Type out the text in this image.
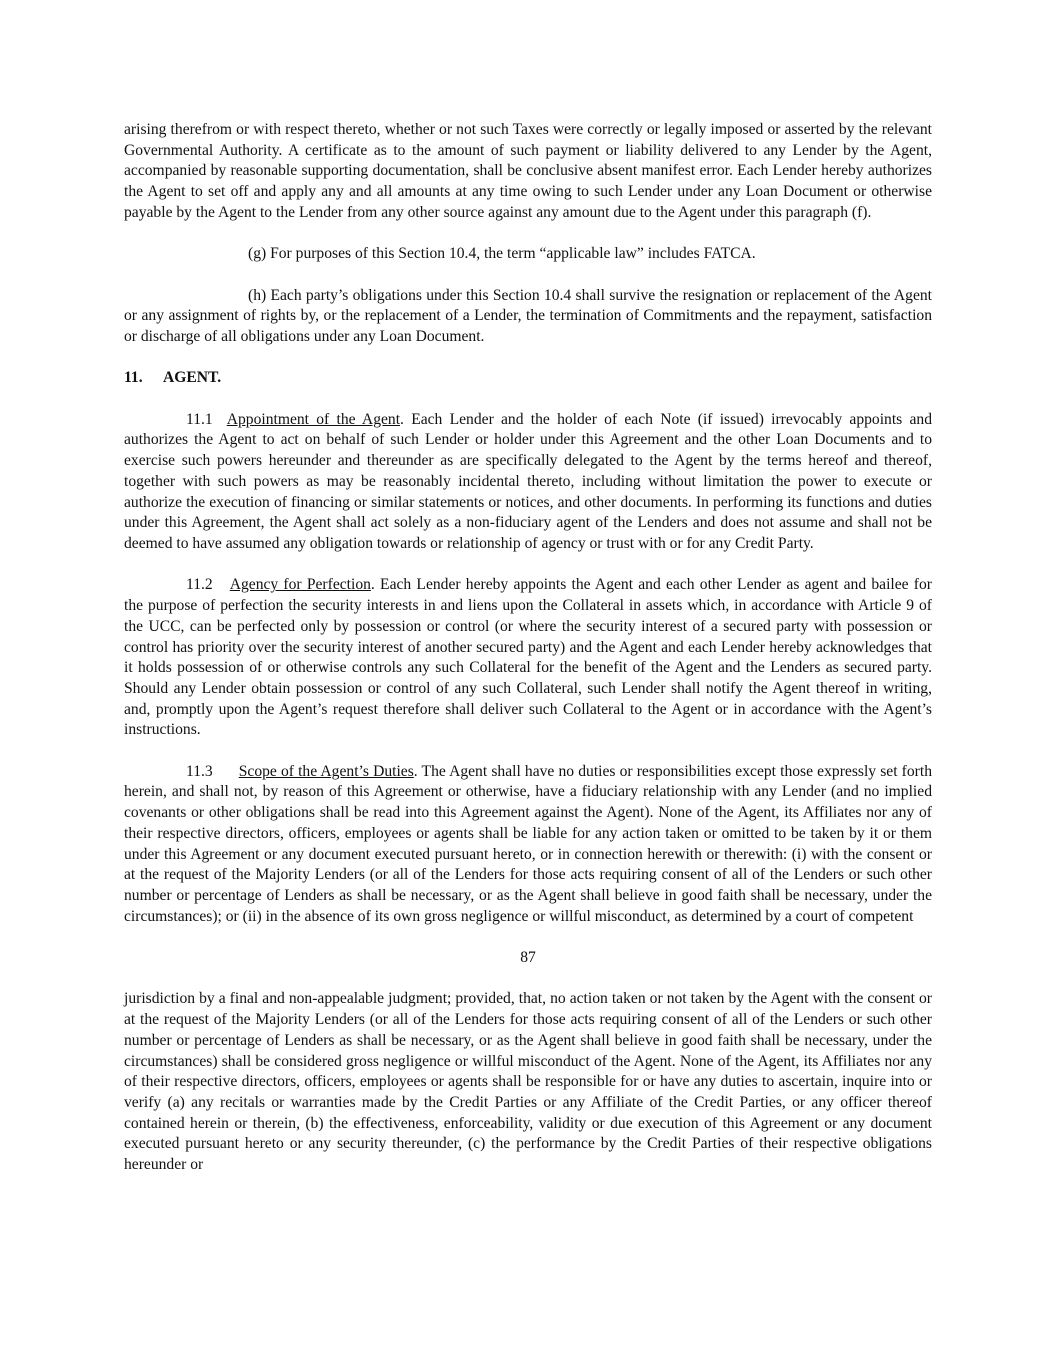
arising therefrom or with respect thereto, whether or not such Taxes were correctly or legally imposed or asserted by the relevant Governmental Authority. A certificate as to the amount of such payment or liability delivered to any Lender by the Agent, accompanied by reasonable supporting documentation, shall be conclusive absent manifest error. Each Lender hereby authorizes the Agent to set off and apply any and all amounts at any time owing to such Lender under any Loan Document or otherwise payable by the Agent to the Lender from any other source against any amount due to the Agent under this paragraph (f).

(g) For purposes of this Section 10.4, the term “applicable law” includes FATCA.

(h) Each party’s obligations under this Section 10.4 shall survive the resignation or replacement of the Agent or any assignment of rights by, or the replacement of a Lender, the termination of Commitments and the repayment, satisfaction or discharge of all obligations under any Loan Document.

11. AGENT.

11.1 Appointment of the Agent. Each Lender and the holder of each Note (if issued) irrevocably appoints and authorizes the Agent to act on behalf of such Lender or holder under this Agreement and the other Loan Documents and to exercise such powers hereunder and thereunder as are specifically delegated to the Agent by the terms hereof and thereof, together with such powers as may be reasonably incidental thereto, including without limitation the power to execute or authorize the execution of financing or similar statements or notices, and other documents. In performing its functions and duties under this Agreement, the Agent shall act solely as a non-fiduciary agent of the Lenders and does not assume and shall not be deemed to have assumed any obligation towards or relationship of agency or trust with or for any Credit Party.

11.2 Agency for Perfection. Each Lender hereby appoints the Agent and each other Lender as agent and bailee for the purpose of perfection the security interests in and liens upon the Collateral in assets which, in accordance with Article 9 of the UCC, can be perfected only by possession or control (or where the security interest of a secured party with possession or control has priority over the security interest of another secured party) and the Agent and each Lender hereby acknowledges that it holds possession of or otherwise controls any such Collateral for the benefit of the Agent and the Lenders as secured party. Should any Lender obtain possession or control of any such Collateral, such Lender shall notify the Agent thereof in writing, and, promptly upon the Agent’s request therefore shall deliver such Collateral to the Agent or in accordance with the Agent’s instructions.

11.3 Scope of the Agent’s Duties. The Agent shall have no duties or responsibilities except those expressly set forth herein, and shall not, by reason of this Agreement or otherwise, have a fiduciary relationship with any Lender (and no implied covenants or other obligations shall be read into this Agreement against the Agent). None of the Agent, its Affiliates nor any of their respective directors, officers, employees or agents shall be liable for any action taken or omitted to be taken by it or them under this Agreement or any document executed pursuant hereto, or in connection herewith or therewith: (i) with the consent or at the request of the Majority Lenders (or all of the Lenders for those acts requiring consent of all of the Lenders or such other number or percentage of Lenders as shall be necessary, or as the Agent shall believe in good faith shall be necessary, under the circumstances); or (ii) in the absence of its own gross negligence or willful misconduct, as determined by a court of competent

87

jurisdiction by a final and non-appealable judgment; provided, that, no action taken or not taken by the Agent with the consent or at the request of the Majority Lenders (or all of the Lenders for those acts requiring consent of all of the Lenders or such other number or percentage of Lenders as shall be necessary, or as the Agent shall believe in good faith shall be necessary, under the circumstances) shall be considered gross negligence or willful misconduct of the Agent. None of the Agent, its Affiliates nor any of their respective directors, officers, employees or agents shall be responsible for or have any duties to ascertain, inquire into or verify (a) any recitals or warranties made by the Credit Parties or any Affiliate of the Credit Parties, or any officer thereof contained herein or therein, (b) the effectiveness, enforceability, validity or due execution of this Agreement or any document executed pursuant hereto or any security thereunder, (c) the performance by the Credit Parties of their respective obligations hereunder or
